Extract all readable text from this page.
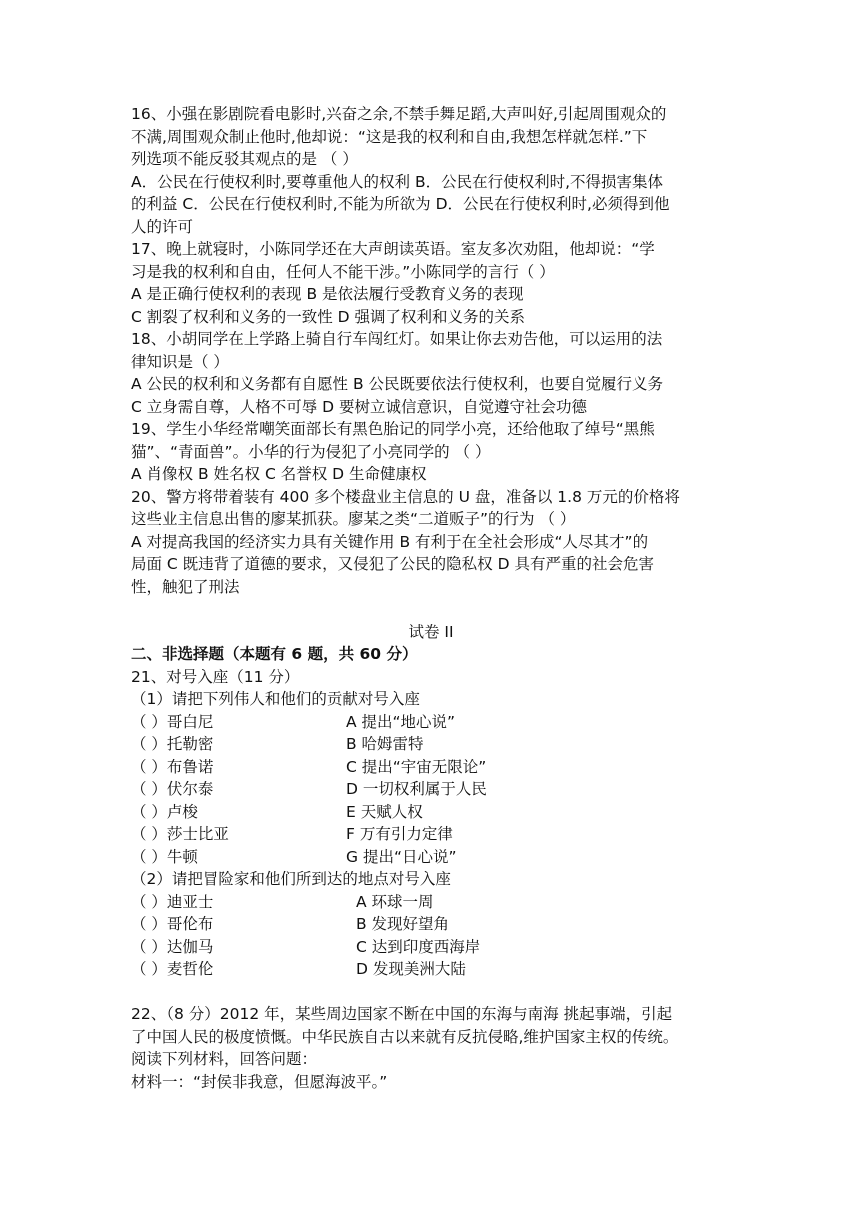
16、小强在影剧院看电影时,兴奋之余,不禁手舞足蹈,大声叫好,引起周围观众的
不满,周围观众制止他时,他却说：“这是我的权利和自由,我想怎样就怎样.”下
列选项不能反驳其观点的是 （ ）
A．公民在行使权利时,要尊重他人的权利 B．公民在行使权利时,不得损害集体
的利益 C．公民在行使权利时,不能为所欲为 D．公民在行使权利时,必须得到他
人的许可
17、晚上就寝时，小陈同学还在大声朗读英语。室友多次劝阻，他却说：“学
习是我的权利和自由，任何人不能干涉。”小陈同学的言行（ ）
A 是正确行使权利的表现 B 是依法履行受教育义务的表现
C 割裂了权利和义务的一致性 D 强调了权利和义务的关系
18、小胡同学在上学路上骑自行车闯红灯。如果让你去劝告他，可以运用的法
律知识是（ ）
A 公民的权利和义务都有自愿性 B 公民既要依法行使权利，也要自觉履行义务
C 立身需自尊，人格不可辱 D 要树立诚信意识，自觉遵守社会功德
19、学生小华经常嘲笑面部长有黑色胎记的同学小亮，还给他取了绰号“黑熊
猫”、“青面兽”。小华的行为侵犯了小亮同学的 （ ）
A 肖像权 B 姓名权 C 名誉权 D 生命健康权
20、警方将带着装有 400 多个楼盘业主信息的 U 盘，准备以 1.8 万元的价格将
这些业主信息出售的廖某抓获。廖某之类“二道贩子”的行为 （ ）
A 对提高我国的经济实力具有关键作用 B 有利于在全社会形成“人尽其才”的
局面 C 既违背了道德的要求，又侵犯了公民的隐私权 D 具有严重的社会危害
性，触犯了刑法
试卷 II
二、非选择题（本题有 6 题，共 60 分）
21、对号入座（11 分）
（1）请把下列伟人和他们的贡献对号入座
（ ）哥白尼	A 提出“地心说”
（ ）托勒密	B 哈姆雷特
（ ）布鲁诺	C 提出“宇宙无限论”
（ ）伏尔泰	D 一切权利属于人民
（ ）卢梭	E 天赋人权
（ ）莎士比亚	F 万有引力定律
（ ）牛顿	G 提出“日心说”
（2）请把冒险家和他们所到达的地点对号入座
（ ）迪亚士	A 环球一周
（ ）哥伦布	B 发现好望角
（ ）达伽马	C 达到印度西海岸
（ ）麦哲伦	D 发现美洲大陆
22、（8 分）2012 年，某些周边国家不断在中国的东海与南海 挑起事端，引起
了中国人民的极度愤慨。中华民族自古以来就有反抗侵略,维护国家主权的传统。
阅读下列材料，回答问题：
材料一：“封侯非我意，但愿海波平。”
